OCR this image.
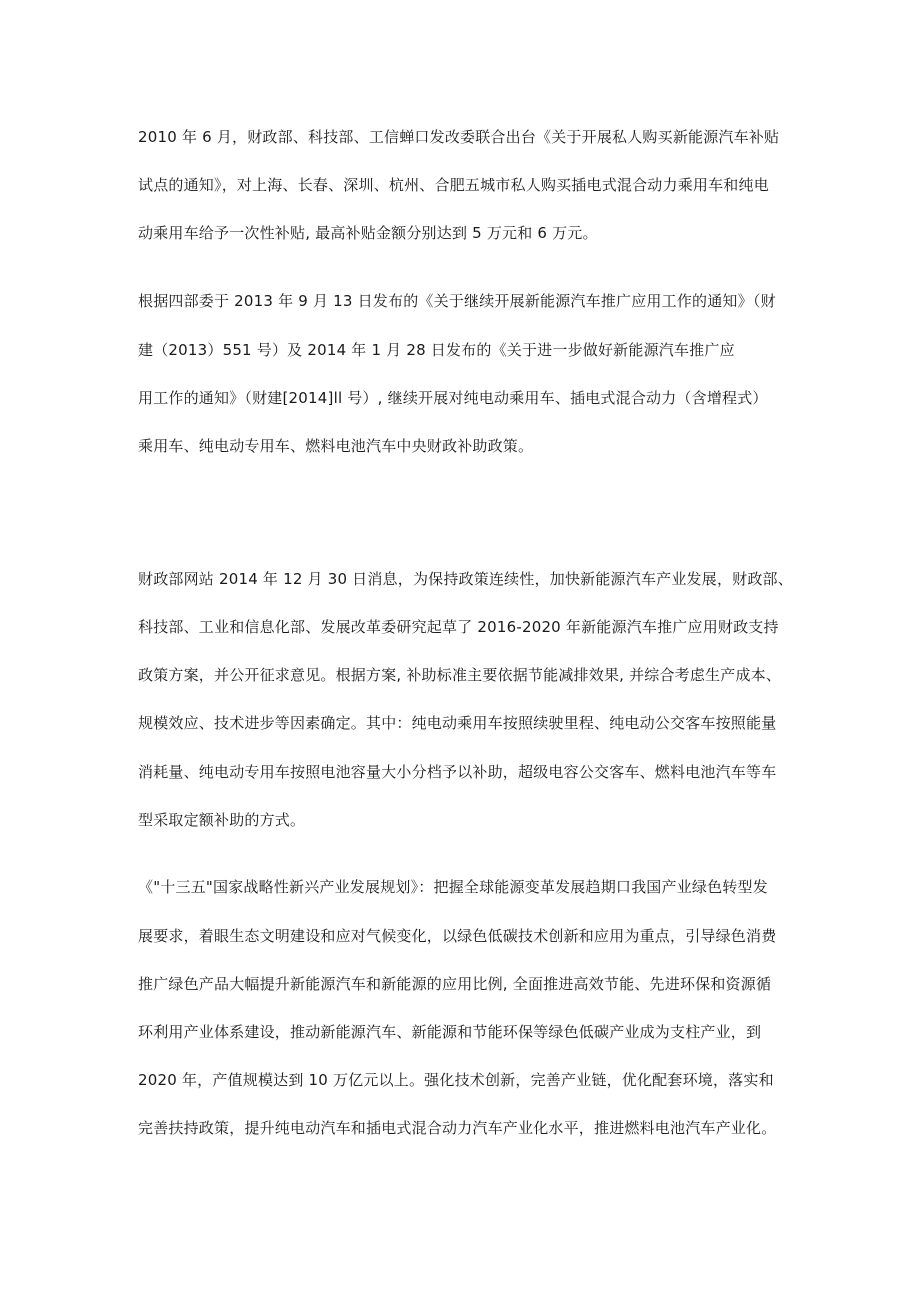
2010 年 6 月，财政部、科技部、工信蝉口发改委联合出台《关于开展私人购买新能源汽车补贴
试点的通知》，对上海、长春、深圳、杭州、合肥五城市私人购买插电式混合动力乘用车和纯电
动乘用车给予一次性补贴, 最高补贴金额分别达到 5 万元和 6 万元。
根据四部委于 2013 年 9 月 13 日发布的《关于继续开展新能源汽车推广应用工作的通知》（财
建（2013）551 号）及 2014 年 1 月 28 日发布的《关于进一步做好新能源汽车推广应
用工作的通知》（财建[2014]ll 号）, 继续开展对纯电动乘用车、插电式混合动力（含增程式）
乘用车、纯电动专用车、燃料电池汽车中央财政补助政策。
财政部网站 2014 年 12 月 30 日消息，为保持政策连续性，加快新能源汽车产业发展，财政部、
科技部、工业和信息化部、发展改革委研究起草了 2016-2020 年新能源汽车推广应用财政支持
政策方案，并公开征求意见。根据方案, 补助标准主要依据节能减排效果, 并综合考虑生产成本、
规模效应、技术进步等因素确定。其中：纯电动乘用车按照续驶里程、纯电动公交客车按照能量
消耗量、纯电动专用车按照电池容量大小分档予以补助，超级电容公交客车、燃料电池汽车等车
型采取定额补助的方式。
《"十三五"国家战略性新兴产业发展规划》：把握全球能源变革发展趋期口我国产业绿色转型发
展要求，着眼生态文明建设和应对气候变化，以绿色低碳技术创新和应用为重点，引导绿色消费
推广绿色产品大幅提升新能源汽车和新能源的应用比例, 全面推进高效节能、先进环保和资源循
环利用产业体系建设，推动新能源汽车、新能源和节能环保等绿色低碳产业成为支柱产业，到
2020 年，产值规模达到 10 万亿元以上。强化技术创新，完善产业链，优化配套环境，落实和
完善扶持政策，提升纯电动汽车和插电式混合动力汽车产业化水平，推进燃料电池汽车产业化。
